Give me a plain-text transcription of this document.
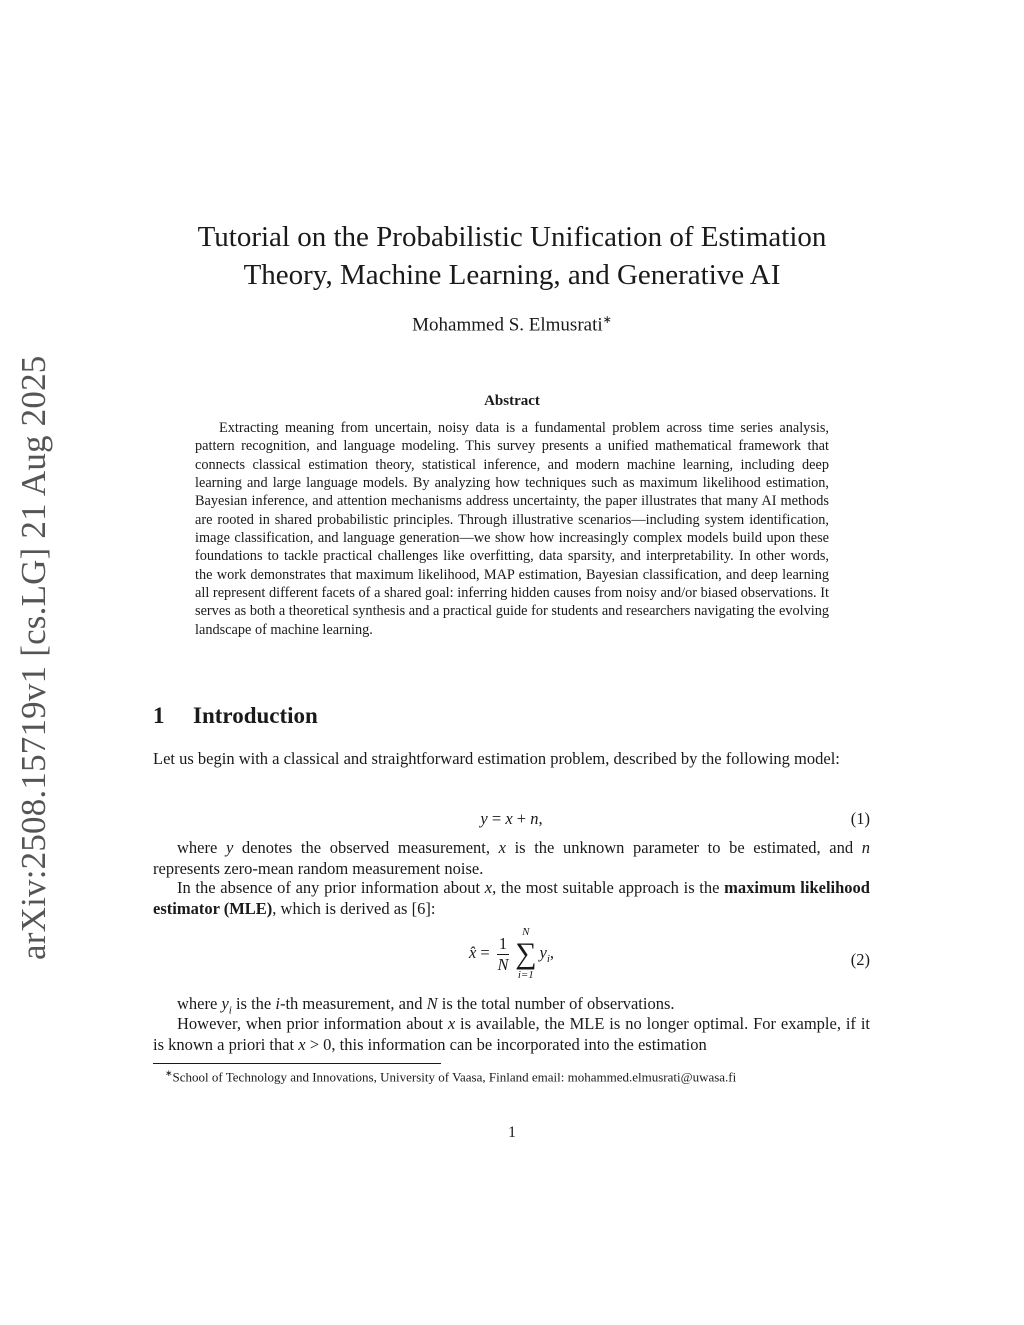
arXiv:2508.15719v1 [cs.LG] 21 Aug 2025
Tutorial on the Probabilistic Unification of Estimation
Theory, Machine Learning, and Generative AI
Mohammed S. Elmusrati∗
Abstract

Extracting meaning from uncertain, noisy data is a fundamental problem across time series analysis, pattern recognition, and language modeling. This survey presents a unified mathematical framework that connects classical estimation theory, statistical inference, and modern machine learning, including deep learning and large language models. By analyzing how techniques such as maximum likelihood estimation, Bayesian inference, and attention mechanisms address uncertainty, the paper illustrates that many AI methods are rooted in shared probabilistic principles. Through illustrative scenarios—including system identification, image classification, and language generation—we show how increasingly complex models build upon these foundations to tackle practical challenges like overfitting, data sparsity, and interpretability. In other words, the work demonstrates that maximum likelihood, MAP estimation, Bayesian classification, and deep learning all represent different facets of a shared goal: inferring hidden causes from noisy and/or biased observations. It serves as both a theoretical synthesis and a practical guide for students and researchers navigating the evolving landscape of machine learning.

1 Introduction

Let us begin with a classical and straightforward estimation problem, described by the following model:

y = x + n,	(1)

where y denotes the observed measurement, x is the unknown parameter to be estimated, and n represents zero-mean random measurement noise.

In the absence of any prior information about x, the most suitable approach is the maximum likelihood estimator (MLE), which is derived as [6]:

x̂ = $\frac{1}{N}$
N
∑
i=1
$y_i$,	(2)

where $y_i$ is the i-th measurement, and N is the total number of observations.

However, when prior information about x is available, the MLE is no longer optimal. For example, if it is known a priori that x > 0, this information can be incorporated into the estimation

∗School of Technology and Innovations, University of Vaasa, Finland email: mohammed.elmusrati@uwasa.fi
1
